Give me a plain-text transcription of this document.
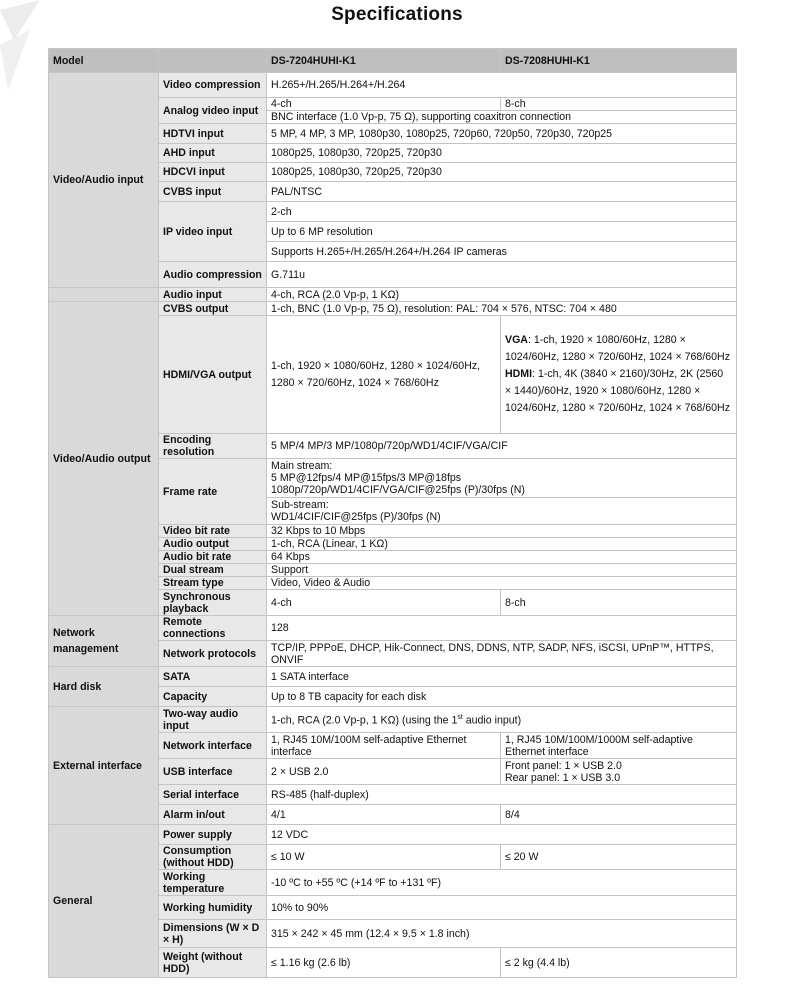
Specifications
Model		DS-7204HUHI-K1	DS-7208HUHI-K1
Video/Audio input	Video compression	H.265+/H.265/H.264+/H.264	
	Analog video input	4-ch	8-ch
		BNC interface (1.0 Vp-p, 75 Ω), supporting coaxitron connection	
	HDTVI input	5 MP, 4 MP, 3 MP, 1080p30, 1080p25, 720p60, 720p50, 720p30, 720p25	
	AHD input	1080p25, 1080p30, 720p25, 720p30	
	HDCVI input	1080p25, 1080p30, 720p25, 720p30	
	CVBS input	PAL/NTSC	
	IP video input	2-ch	
		Up to 6 MP resolution	
		Supports H.265+/H.265/H.264+/H.264 IP cameras	
	Audio compression	G.711u	
	Audio input	4-ch, RCA (2.0 Vp-p, 1 KΩ)	
Video/Audio output	CVBS output	1-ch, BNC (1.0 Vp-p, 75 Ω), resolution: PAL: 704 × 576, NTSC: 704 × 480	
	HDMI/VGA output	1-ch, 1920 × 1080/60Hz, 1280 × 1024/60Hz, 1280 × 720/60Hz, 1024 × 768/60Hz	VGA: 1-ch, 1920 × 1080/60Hz, 1280 × 1024/60Hz, 1280 × 720/60Hz, 1024 × 768/60Hz
HDMI: 1-ch, 4K (3840 × 2160)/30Hz, 2K (2560 × 1440)/60Hz, 1920 × 1080/60Hz, 1280 × 1024/60Hz, 1280 × 720/60Hz, 1024 × 768/60Hz
	Encoding resolution	5 MP/4 MP/3 MP/1080p/720p/WD1/4CIF/VGA/CIF	
	Frame rate	Main stream:
5 MP@12fps/4 MP@15fps/3 MP@18fps
1080p/720p/WD1/4CIF/VGA/CIF@25fps (P)/30fps (N)
Sub-stream:
WD1/4CIF/CIF@25fps (P)/30fps (N)	

	Video bit rate	32 Kbps to 10 Mbps	
	Audio output	1-ch, RCA (Linear, 1 KΩ)	
	Audio bit rate	64 Kbps	
	Dual stream	Support	
	Stream type	Video, Video & Audio	
	Synchronous playback	4-ch	8-ch
Network management	Remote connections	128	
	Network protocols	TCP/IP, PPPoE, DHCP, Hik-Connect, DNS, DDNS, NTP, SADP, NFS, iSCSI, UPnP™, HTTPS, ONVIF	
Hard disk	SATA	1 SATA interface	
	Capacity	Up to 8 TB capacity for each disk	
External interface	Two-way audio input	1-ch, RCA (2.0 Vp-p, 1 KΩ) (using the 1st audio input)	
	Network interface	1, RJ45 10M/100M self-adaptive Ethernet interface	1, RJ45 10M/100M/1000M self-adaptive Ethernet interface
	USB interface	2 × USB 2.0	Front panel: 1 × USB 2.0
Rear panel: 1 × USB 3.0

	Serial interface	RS-485 (half-duplex)	
	Alarm in/out	4/1	8/4
General	Power supply	12 VDC	
	Consumption (without HDD)	≤ 10 W	≤ 20 W
	Working temperature	-10 ºC to +55 ºC (+14 ºF to +131 ºF)	
	Working humidity	10% to 90%	
	Dimensions (W × D × H)	315 × 242 × 45 mm (12.4 × 9.5 × 1.8 inch)	
	Weight (without HDD)	≤ 1.16 kg (2.6 lb)	≤ 2 kg (4.4 lb)
